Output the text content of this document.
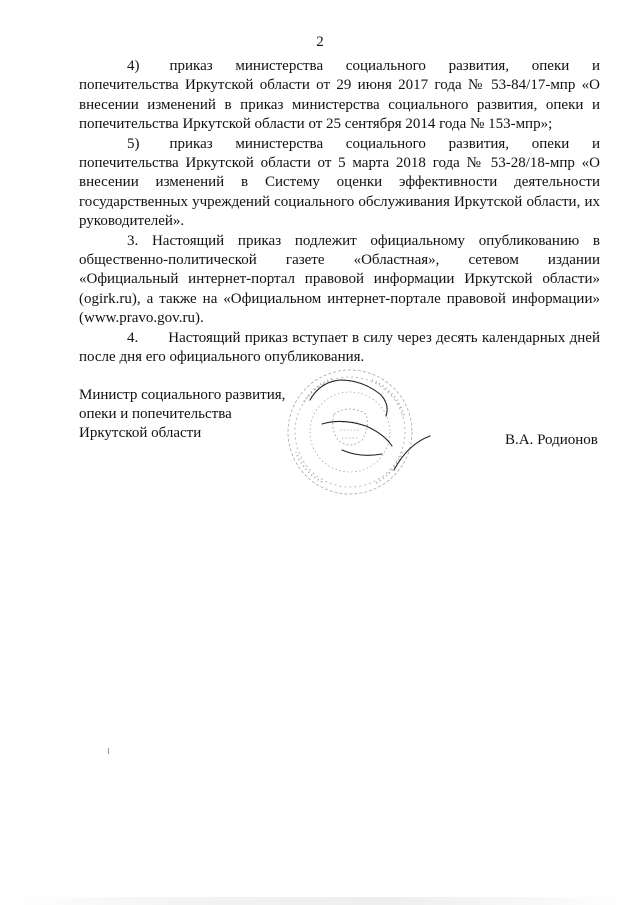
2

4)  приказ министерства социального развития, опеки и попечительства Иркутской области от 29 июня 2017 года № 53-84/17-мпр «О внесении изменений в приказ министерства социального развития, опеки и попечительства Иркутской области от 25 сентября 2014 года № 153-мпр»;

5)  приказ министерства социального развития, опеки и попечительства Иркутской области от 5 марта 2018 года № 53-28/18-мпр «О внесении изменений в Систему оценки эффективности деятельности государственных учреждений социального обслуживания Иркутской области, их руководителей».

3. Настоящий приказ подлежит официальному опубликованию в общественно-политической газете «Областная», сетевом издании «Официальный интернет-портал правовой информации Иркутской области» (ogirk.ru), а также на «Официальном интернет-портале правовой информации» (www.pravo.gov.ru).

4.  Настоящий приказ вступает в силу через десять календарных дней после дня его официального опубликования.

Министр социального развития,
опеки и попечительства
Иркутской области	В.А. Родионов
